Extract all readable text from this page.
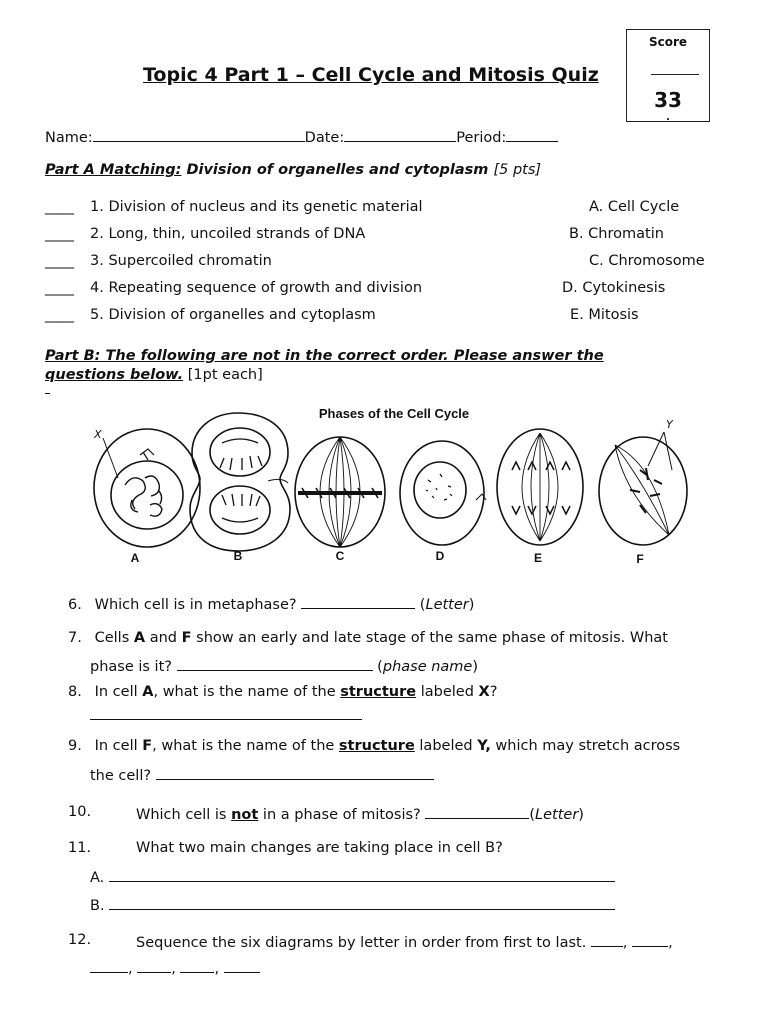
Score
33
.
Topic 4 Part 1 – Cell Cycle and Mitosis Quiz
Name:	Date:	Period:
Part A Matching: Division of organelles and cytoplasm [5 pts]
____ 1. Division of nucleus and its genetic material	A. Cell Cycle
____ 2. Long, thin, uncoiled strands of DNA	B. Chromatin
____ 3. Supercoiled chromatin	C. Chromosome
____ 4. Repeating sequence of growth and division	D. Cytokinesis
____ 5. Division of organelles and cytoplasm	E. Mitosis
Part B: The following are not in the correct order. Please answer the
questions below. [1pt each]
Phases of the Cell Cycle
X
Y
A	B	C	D	E	F
6. Which cell is in metaphase?	(Letter)
7. Cells A and F show an early and late stage of the same phase of mitosis. What
phase is it?	(phase name)
8. In cell A, what is the name of the structure labeled X?
9. In cell F, what is the name of the structure labeled Y, which may stretch across
the cell?
10.	Which cell is not in a phase of mitosis?	(Letter)
11.	What two main changes are taking place in cell B?
A.
B.
12.	Sequence the six diagrams by letter in order from first to last.	, ,
, , ,
